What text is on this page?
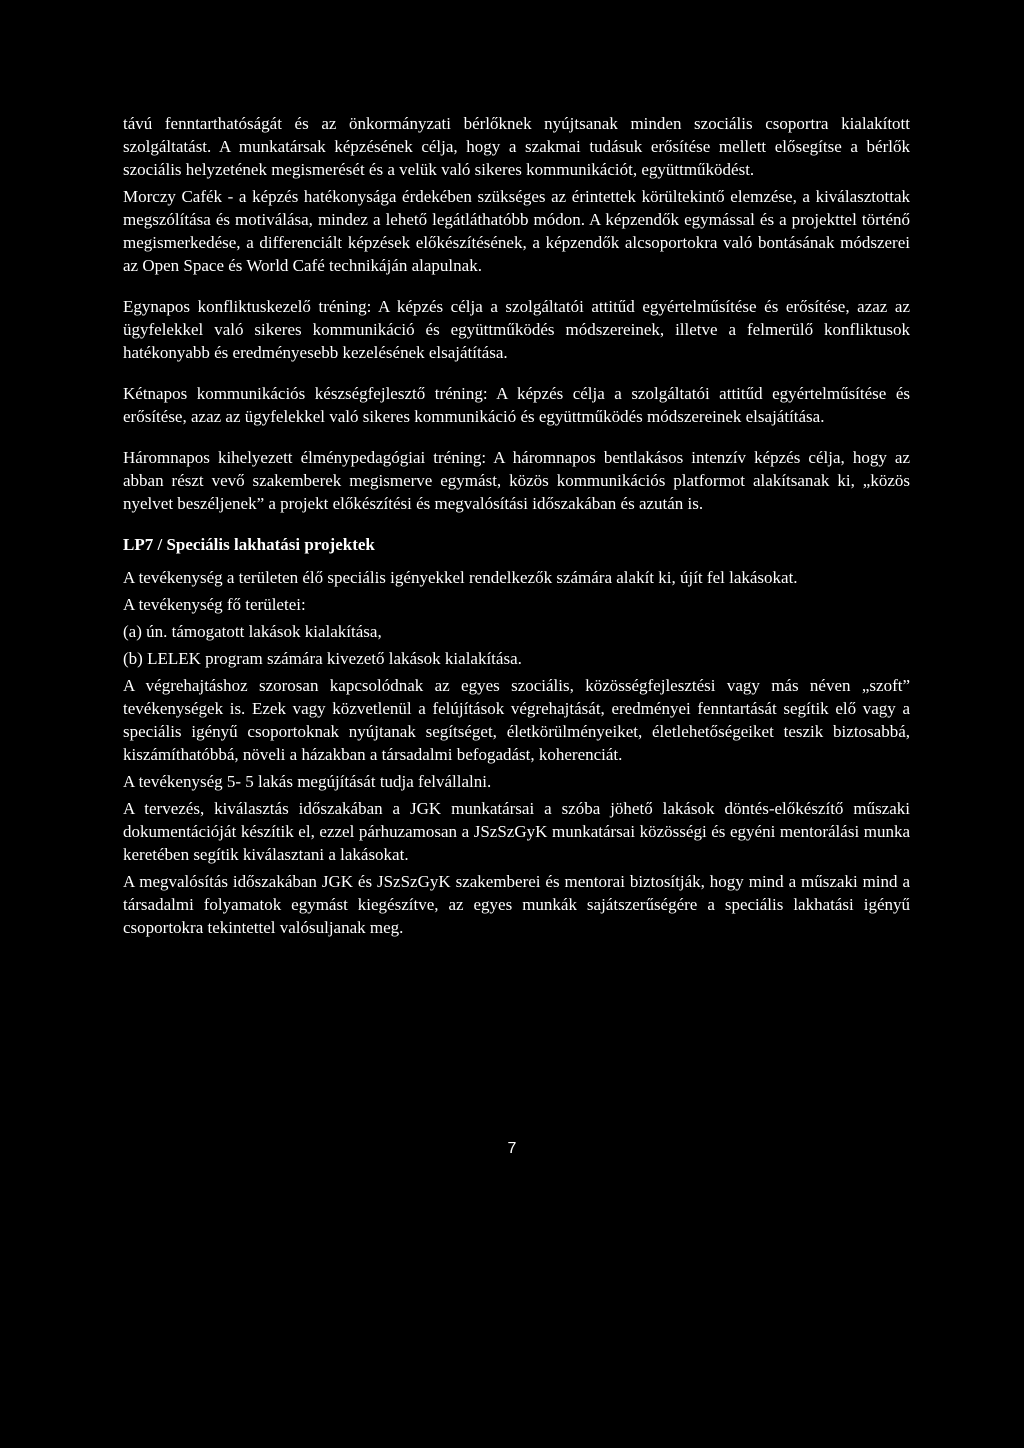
távú fenntarthatóságát és az önkormányzati bérlőknek nyújtsanak minden szociális csoportra kialakított szolgáltatást. A munkatársak képzésének célja, hogy a szakmai tudásuk erősítése mellett elősegítse a bérlők szociális helyzetének megismerését és a velük való sikeres kommunikációt, együttműködést.

Morczy Cafék - a képzés hatékonysága érdekében szükséges az érintettek körültekintő elemzése, a kiválasztottak megszólítása és motiválása, mindez a lehető legátláthatóbb módon. A képzendők egymással és a projekttel történő megismerkedése, a differenciált képzések előkészítésének, a képzendők alcsoportokra való bontásának módszerei az Open Space és World Café technikáján alapulnak.

Egynapos konfliktuskezelő tréning: A képzés célja a szolgáltatói attitűd egyértelműsítése és erősítése, azaz az ügyfelekkel való sikeres kommunikáció és együttműködés módszereinek, illetve a felmerülő konfliktusok hatékonyabb és eredményesebb kezelésének elsajátítása.

Kétnapos kommunikációs készségfejlesztő tréning: A képzés célja a szolgáltatói attitűd egyértelműsítése és erősítése, azaz az ügyfelekkel való sikeres kommunikáció és együttműködés módszereinek elsajátítása.

Háromnapos kihelyezett élménypedagógiai tréning: A háromnapos bentlakásos intenzív képzés célja, hogy az abban részt vevő szakemberek megismerve egymást, közös kommunikációs platformot alakítsanak ki, „közös nyelvet beszéljenek” a projekt előkészítési és megvalósítási időszakában és azután is.

LP7 / Speciális lakhatási projektek

A tevékenység a területen élő speciális igényekkel rendelkezők számára alakít ki, újít fel lakásokat.

A tevékenység fő területei:

(a) ún. támogatott lakások kialakítása,

(b) LELEK program számára kivezető lakások kialakítása.

A végrehajtáshoz szorosan kapcsolódnak az egyes szociális, közösségfejlesztési vagy más néven „szoft” tevékenységek is. Ezek vagy közvetlenül a felújítások végrehajtását, eredményei fenntartását segítik elő vagy a speciális igényű csoportoknak nyújtanak segítséget, életkörülményeiket, életlehetőségeiket teszik biztosabbá, kiszámíthatóbbá, növeli a házakban a társadalmi befogadást, koherenciát.

A tevékenység 5- 5 lakás megújítását tudja felvállalni.

A tervezés, kiválasztás időszakában a JGK munkatársai a szóba jöhető lakások döntés-előkészítő műszaki dokumentációját készítik el, ezzel párhuzamosan a JSzSzGyK munkatársai közösségi és egyéni mentorálási munka keretében segítik kiválasztani a lakásokat.

A megvalósítás időszakában JGK és JSzSzGyK szakemberei és mentorai biztosítják, hogy mind a műszaki mind a társadalmi folyamatok egymást kiegészítve, az egyes munkák sajátszerűségére a speciális lakhatási igényű csoportokra tekintettel valósuljanak meg.

7
